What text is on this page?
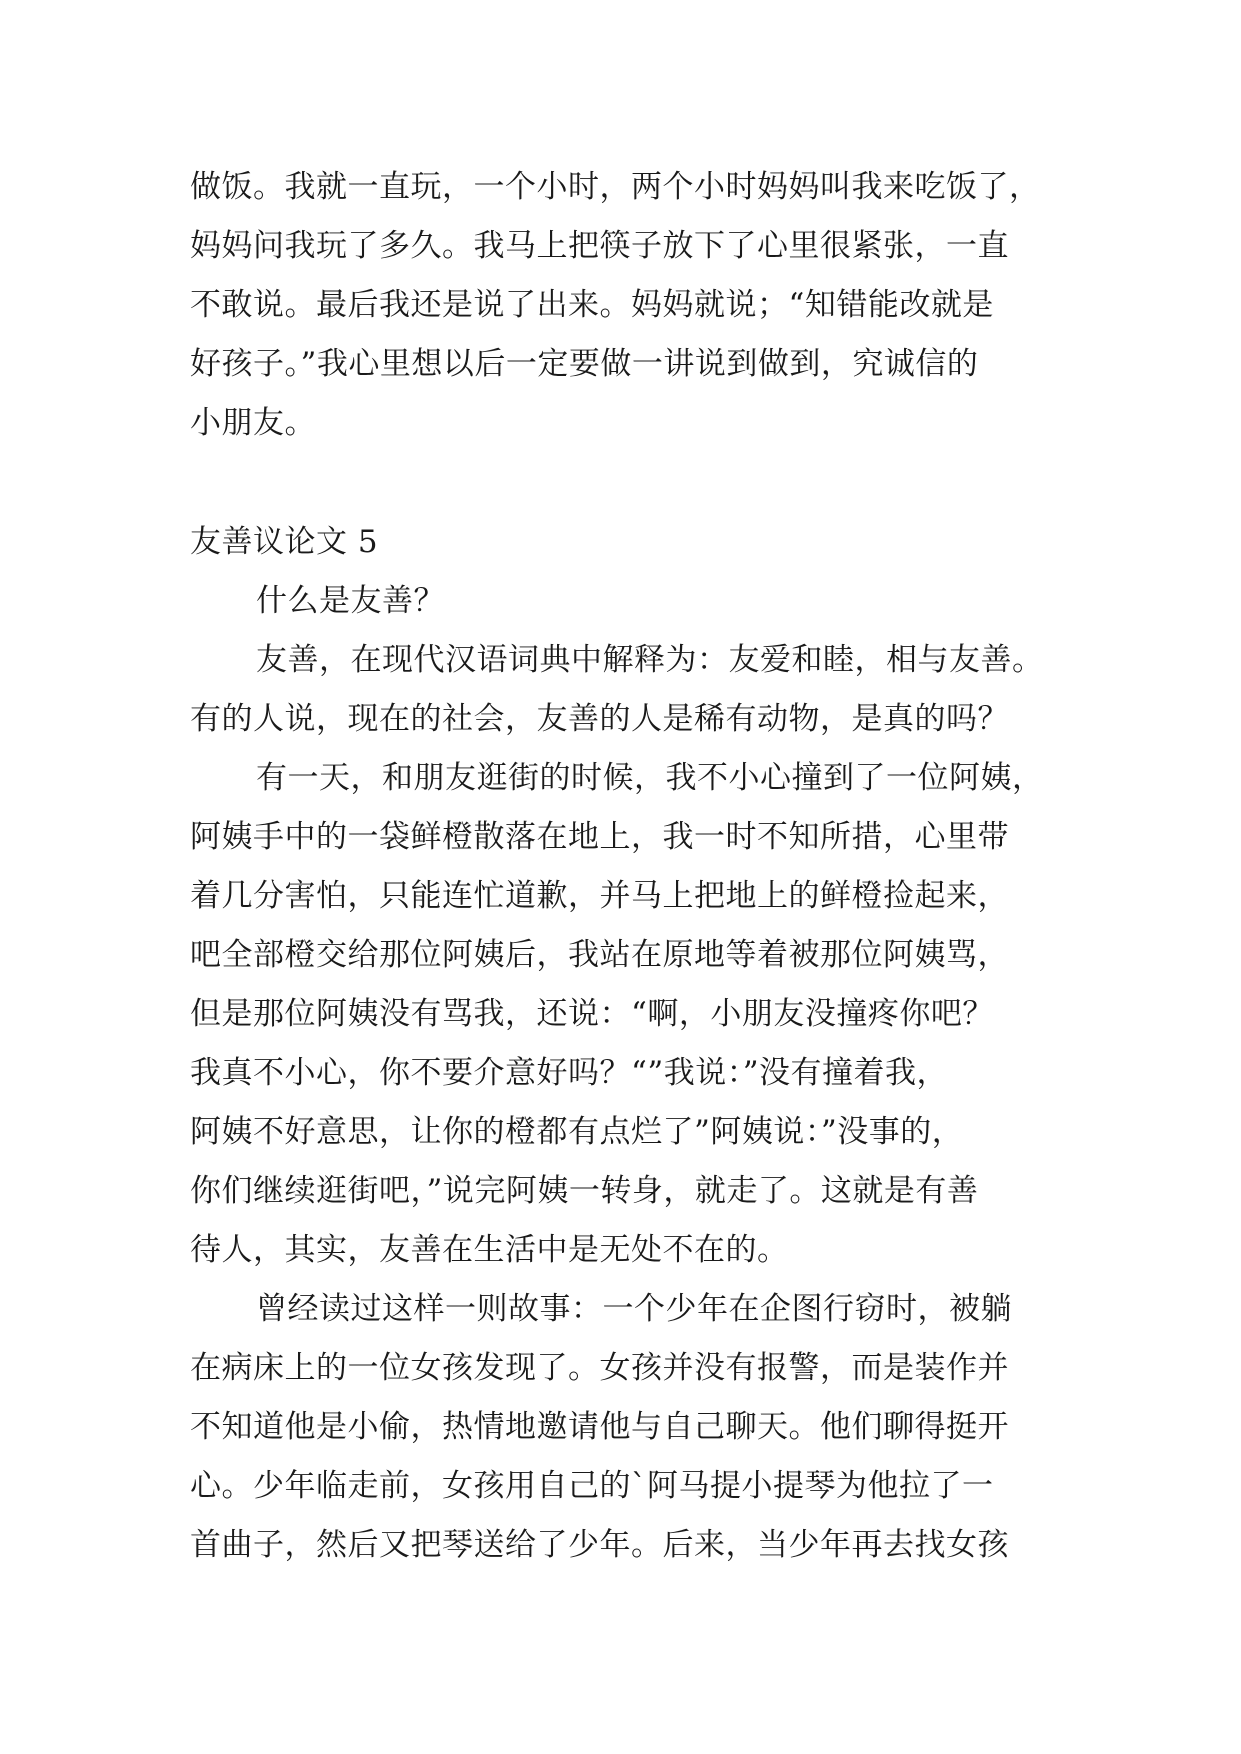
做饭。我就一直玩，一个小时，两个小时妈妈叫我来吃饭了，
妈妈问我玩了多久。我马上把筷子放下了心里很紧张，一直
不敢说。最后我还是说了出来。妈妈就说；“知错能改就是
好孩子。”我心里想以后一定要做一讲说到做到，究诚信的
小朋友。
友善议论文 5
什么是友善？
友善，在现代汉语词典中解释为：友爱和睦，相与友善。
有的人说，现在的社会，友善的人是稀有动物，是真的吗？
有一天，和朋友逛街的时候，我不小心撞到了一位阿姨，
阿姨手中的一袋鲜橙散落在地上，我一时不知所措，心里带
着几分害怕，只能连忙道歉，并马上把地上的鲜橙捡起来，
吧全部橙交给那位阿姨后，我站在原地等着被那位阿姨骂，
但是那位阿姨没有骂我，还说：“啊，小朋友没撞疼你吧？
我真不小心，你不要介意好吗？“”我说：”没有撞着我，
阿姨不好意思，让你的橙都有点烂了”阿姨说：”没事的，
你们继续逛街吧，”说完阿姨一转身，就走了。这就是有善
待人，其实，友善在生活中是无处不在的。
曾经读过这样一则故事：一个少年在企图行窃时，被躺
在病床上的一位女孩发现了。女孩并没有报警，而是装作并
不知道他是小偷，热情地邀请他与自己聊天。他们聊得挺开
心。少年临走前，女孩用自己的`阿马提小提琴为他拉了一
首曲子，然后又把琴送给了少年。后来，当少年再去找女孩
